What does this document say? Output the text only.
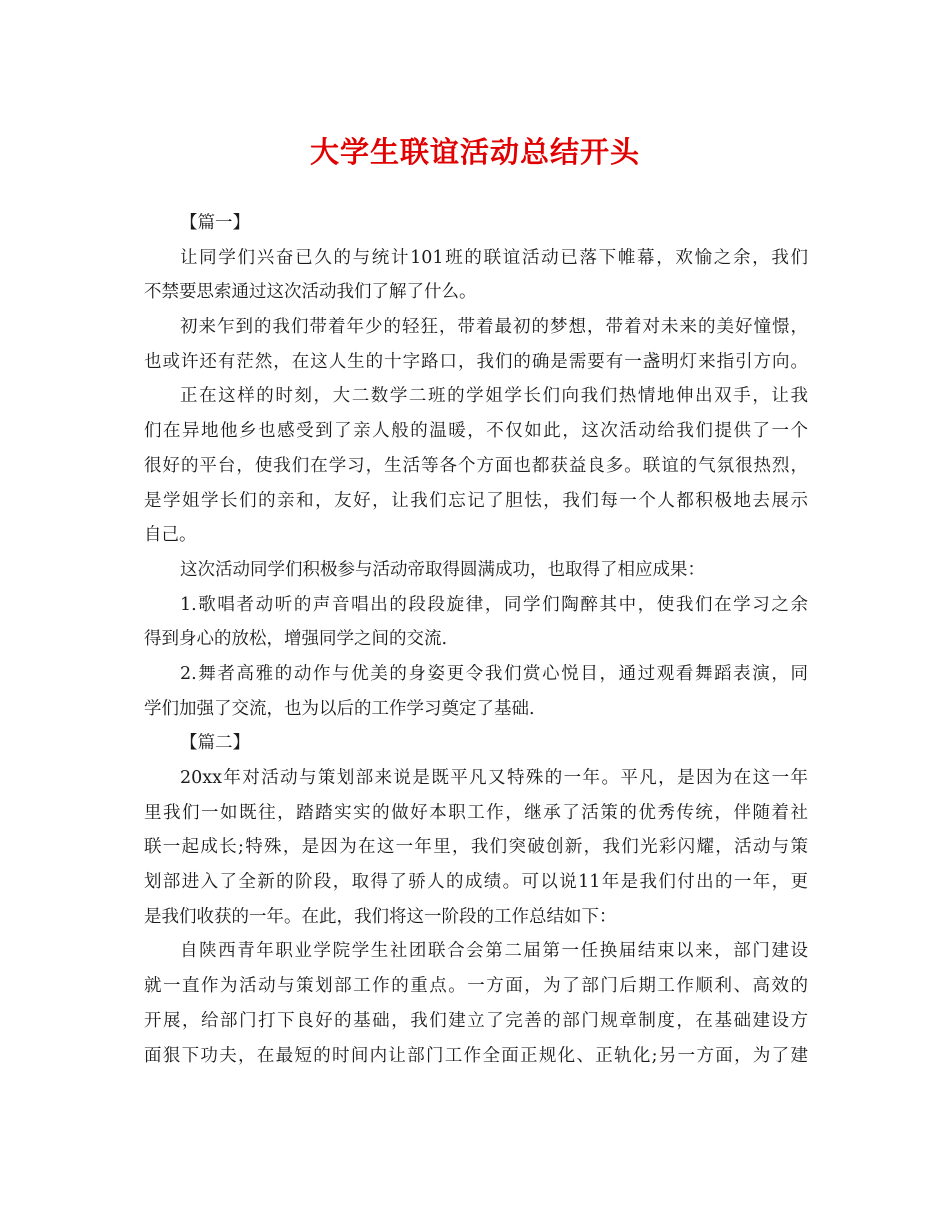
大学生联谊活动总结开头
【篇一】
让同学们兴奋已久的与统计101班的联谊活动已落下帷幕，欢愉之余，我们
不禁要思索通过这次活动我们了解了什么。
初来乍到的我们带着年少的轻狂，带着最初的梦想，带着对未来的美好憧憬，
也或许还有茫然，在这人生的十字路口，我们的确是需要有一盏明灯来指引方向。
正在这样的时刻，大二数学二班的学姐学长们向我们热情地伸出双手，让我
们在异地他乡也感受到了亲人般的温暖，不仅如此，这次活动给我们提供了一个
很好的平台，使我们在学习，生活等各个方面也都获益良多。联谊的气氛很热烈，
是学姐学长们的亲和，友好，让我们忘记了胆怯，我们每一个人都积极地去展示
自己。
这次活动同学们积极参与活动帝取得圆满成功，也取得了相应成果：
1.歌唱者动听的声音唱出的段段旋律，同学们陶醉其中，使我们在学习之余
得到身心的放松，增强同学之间的交流.
2.舞者高雅的动作与优美的身姿更令我们赏心悦目，通过观看舞蹈表演，同
学们加强了交流，也为以后的工作学习奠定了基础.
【篇二】
20xx年对活动与策划部来说是既平凡又特殊的一年。平凡，是因为在这一年
里我们一如既往，踏踏实实的做好本职工作，继承了活策的优秀传统，伴随着社
联一起成长;特殊，是因为在这一年里，我们突破创新，我们光彩闪耀，活动与策
划部进入了全新的阶段，取得了骄人的成绩。可以说11年是我们付出的一年，更
是我们收获的一年。在此，我们将这一阶段的工作总结如下：
自陕西青年职业学院学生社团联合会第二届第一任换届结束以来，部门建设
就一直作为活动与策划部工作的重点。一方面，为了部门后期工作顺利、高效的
开展，给部门打下良好的基础，我们建立了完善的部门规章制度，在基础建设方
面狠下功夫，在最短的时间内让部门工作全面正规化、正轨化;另一方面，为了建
